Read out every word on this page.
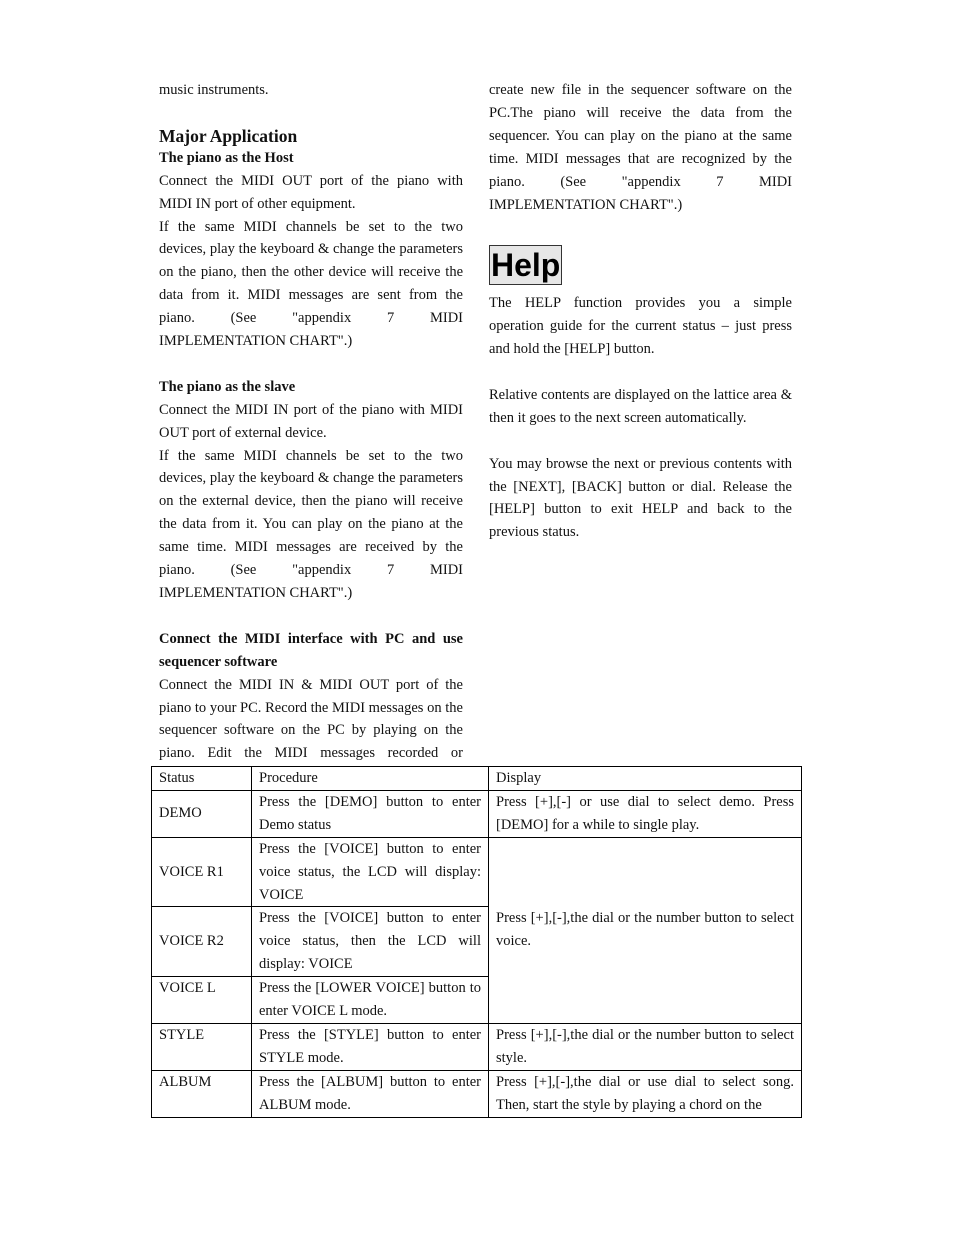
music instruments.

Major Application

The piano as the Host

Connect the MIDI OUT port of the piano with MIDI IN port of other equipment.

If the same MIDI channels be set to the two devices, play the keyboard & change the parameters on the piano, then the other device will receive the data from it. MIDI messages are sent from the piano. (See "appendix 7 MIDI IMPLEMENTATION CHART".)

The piano as the slave

Connect the MIDI IN port of the piano with MIDI OUT port of external device.

If the same MIDI channels be set to the two devices, play the keyboard & change the parameters on the external device, then the piano will receive the data from it. You can play on the piano at the same time. MIDI messages are received by the piano. (See "appendix 7 MIDI IMPLEMENTATION CHART".)

Connect the MIDI interface with PC and use sequencer software

Connect the MIDI IN & MIDI OUT port of the piano to your PC. Record the MIDI messages on the sequencer software on the PC by playing on the piano. Edit the MIDI messages recorded or

create new file in the sequencer software on the PC.The piano will receive the data from the sequencer. You can play on the piano at the same time. MIDI messages that are recognized by the piano. (See "appendix 7 MIDI IMPLEMENTATION CHART".)

Help

The HELP function provides you a simple operation guide for the current status – just press and hold the [HELP] button.

Relative contents are displayed on the lattice area & then it goes to the next screen automatically.

You may browse the next or previous contents with the [NEXT], [BACK] button or dial. Release the [HELP] button to exit HELP and back to the previous status.

Status	Procedure	Display
DEMO	Press the [DEMO] button to enter Demo status	Press [+],[-] or use dial to select demo. Press [DEMO] for a while to single play.
VOICE R1	Press the [VOICE] button to enter voice status, the LCD will display: VOICE	Press [+],[-],the dial or the number button to select voice.
VOICE R2	Press the [VOICE] button to enter voice status, then the LCD will display: VOICE	
VOICE L	Press the [LOWER VOICE] button to enter VOICE L mode.	
STYLE	Press the [STYLE] button to enter STYLE mode.	Press [+],[-],the dial or the number button to select style.
ALBUM	Press the [ALBUM] button to enter ALBUM mode.	Press [+],[-],the dial or use dial to select song. Then, start the style by playing a chord on the
